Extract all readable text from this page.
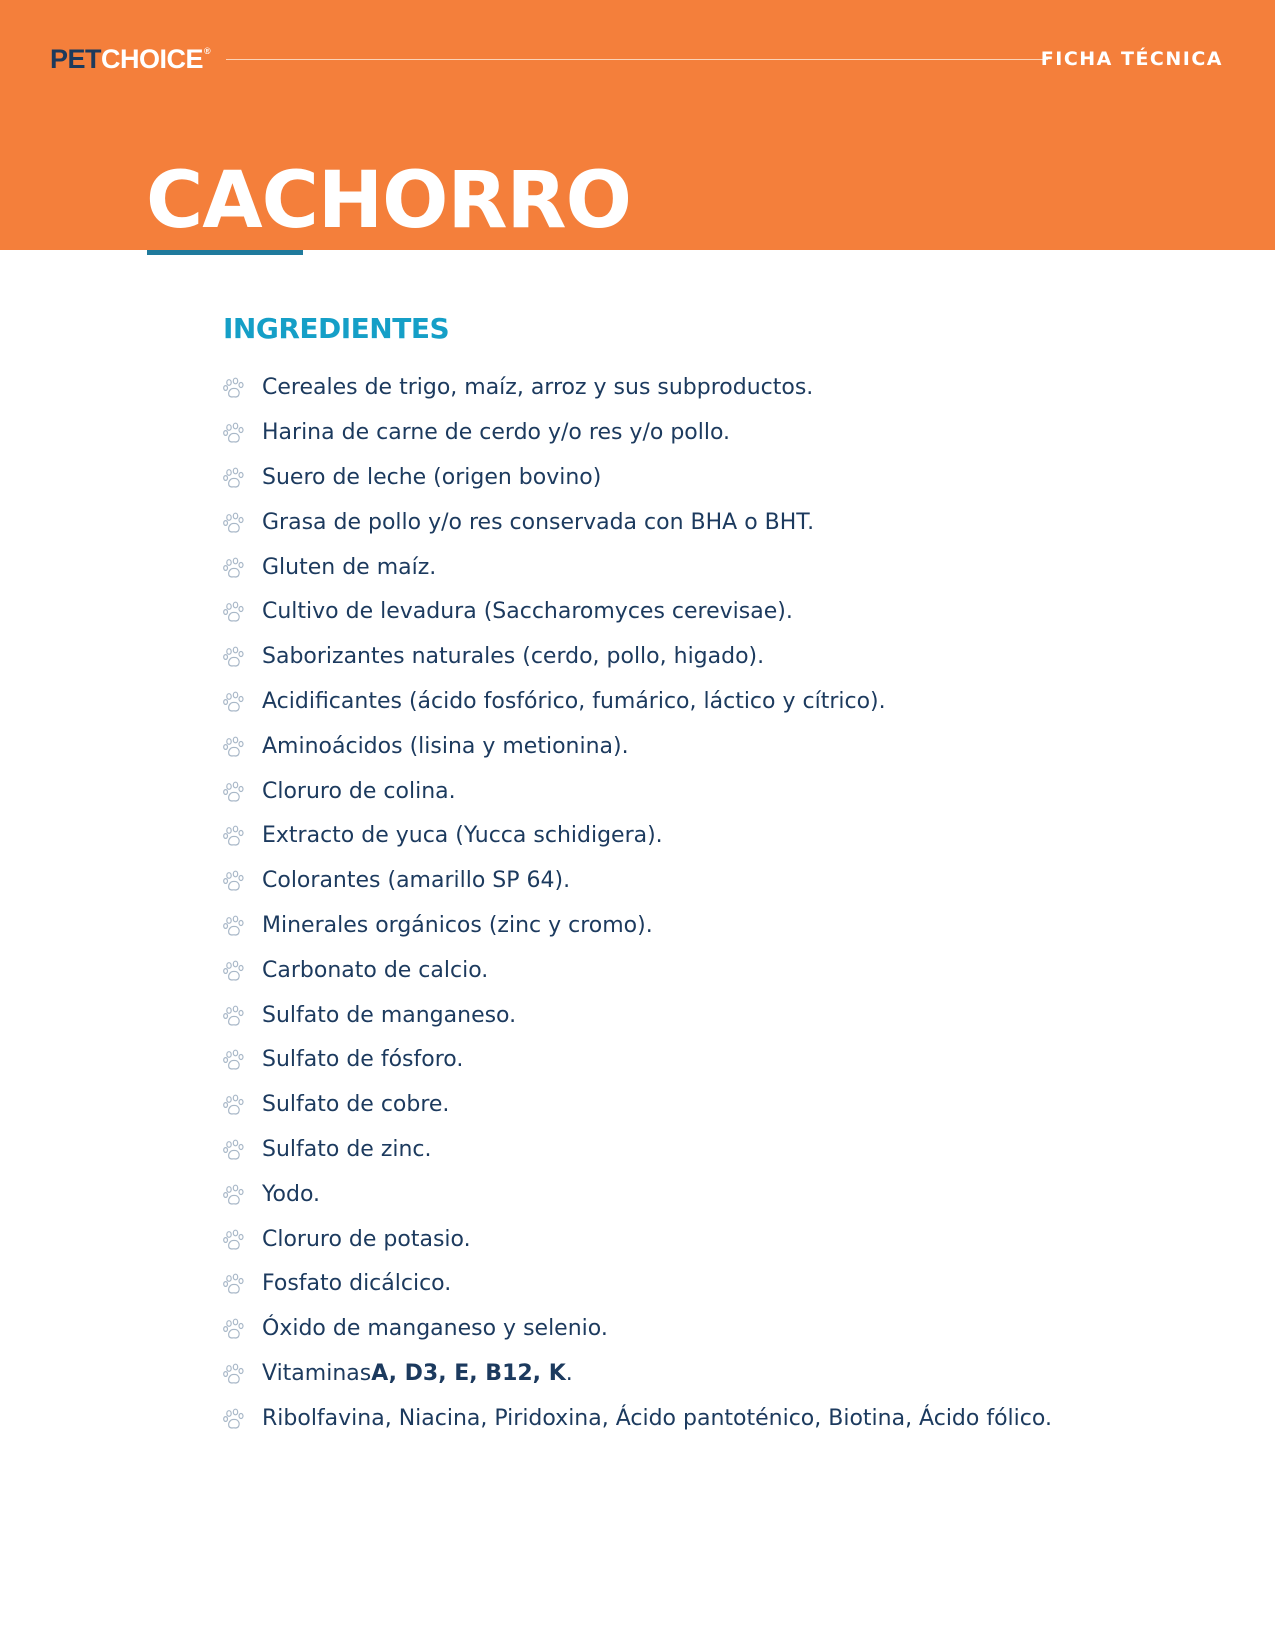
PETCHOICE®	FICHA TÉCNICA
CACHORRO
INGREDIENTES
Cereales de trigo, maíz, arroz y sus subproductos.
Harina de carne de cerdo y/o res y/o pollo.
Suero de leche (origen bovino)
Grasa de pollo y/o res conservada con BHA o BHT.
Gluten de maíz.
Cultivo de levadura (Saccharomyces cerevisae).
Saborizantes naturales (cerdo, pollo, higado).
Acidificantes (ácido fosfórico, fumárico, láctico y cítrico).
Aminoácidos (lisina y metionina).
Cloruro de colina.
Extracto de yuca (Yucca schidigera).
Colorantes (amarillo SP 64).
Minerales orgánicos (zinc y cromo).
Carbonato de calcio.
Sulfato de manganeso.
Sulfato de fósforo.
Sulfato de cobre.
Sulfato de zinc.
Yodo.
Cloruro de potasio.
Fosfato dicálcico.
Óxido de manganeso y selenio.
Vitaminas A, D3, E, B12, K .
Ribolfavina, Niacina, Piridoxina, Ácido pantoténico, Biotina, Ácido fólico.
